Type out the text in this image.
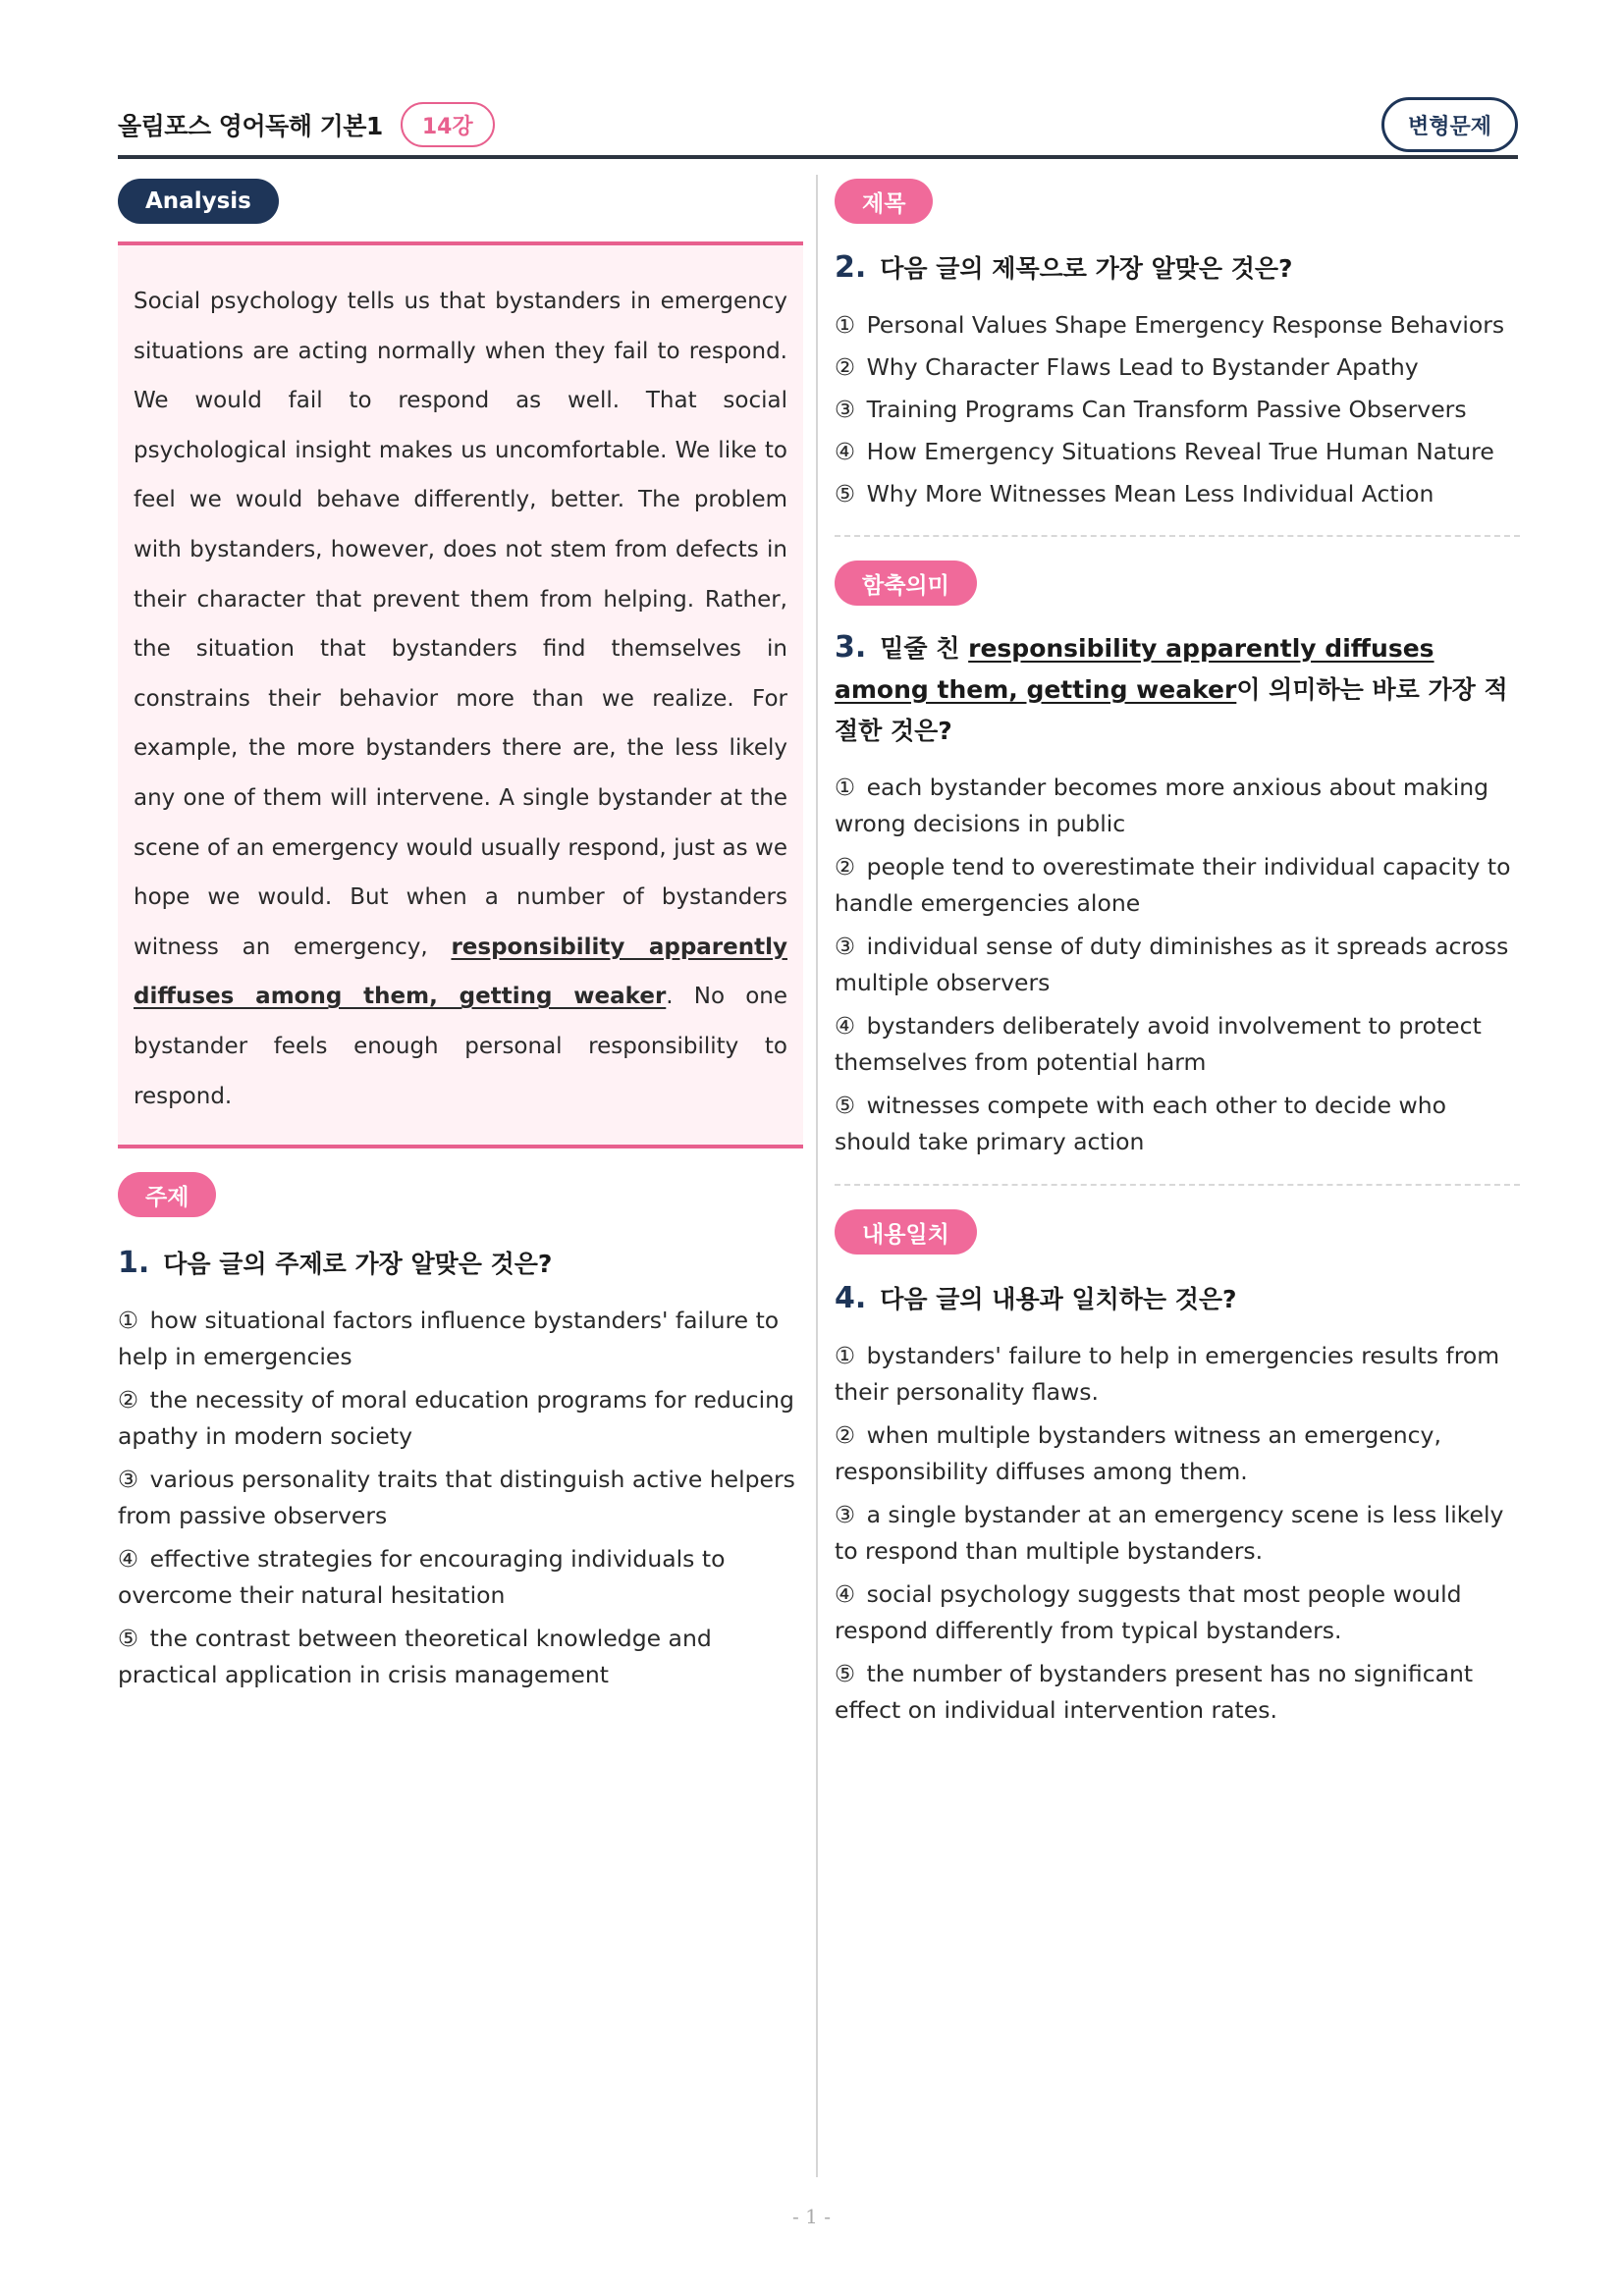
올림포스 영어독해 기본1	14강	변형문제
Analysis

Social psychology tells us that bystanders in emergency situations are acting normally when they fail to respond. We would fail to respond as well. That social psychological insight makes us uncomfortable. We like to feel we would behave differently, better. The problem with bystanders, however, does not stem from defects in their character that prevent them from helping. Rather, the situation that bystanders find themselves in constrains their behavior more than we realize. For example, the more bystanders there are, the less likely any one of them will intervene. A single bystander at the scene of an emergency would usually respond, just as we hope we would. But when a number of bystanders witness an emergency, responsibility apparently diffuses among them, getting weaker. No one bystander feels enough personal responsibility to respond.

주제
1. 다음 글의 주제로 가장 알맞은 것은?
① how situational factors influence bystanders' failure to help in emergencies
② the necessity of moral education programs for reducing apathy in modern society
③ various personality traits that distinguish active helpers from passive observers
④ effective strategies for encouraging individuals to overcome their natural hesitation
⑤ the contrast between theoretical knowledge and practical application in crisis management
제목
2. 다음 글의 제목으로 가장 알맞은 것은?
① Personal Values Shape Emergency Response Behaviors
② Why Character Flaws Lead to Bystander Apathy
③ Training Programs Can Transform Passive Observers
④ How Emergency Situations Reveal True Human Nature
⑤ Why More Witnesses Mean Less Individual Action
함축의미
3. 밑줄 친 responsibility apparently diffuses among them, getting weaker이 의미하는 바로 가장 적절한 것은?
① each bystander becomes more anxious about making wrong decisions in public
② people tend to overestimate their individual capacity to handle emergencies alone
③ individual sense of duty diminishes as it spreads across multiple observers
④ bystanders deliberately avoid involvement to protect themselves from potential harm
⑤ witnesses compete with each other to decide who should take primary action
내용일치
4. 다음 글의 내용과 일치하는 것은?
① bystanders' failure to help in emergencies results from their personality flaws.
② when multiple bystanders witness an emergency, responsibility diffuses among them.
③ a single bystander at an emergency scene is less likely to respond than multiple bystanders.
④ social psychology suggests that most people would respond differently from typical bystanders.
⑤ the number of bystanders present has no significant effect on individual intervention rates.
- 1 -
